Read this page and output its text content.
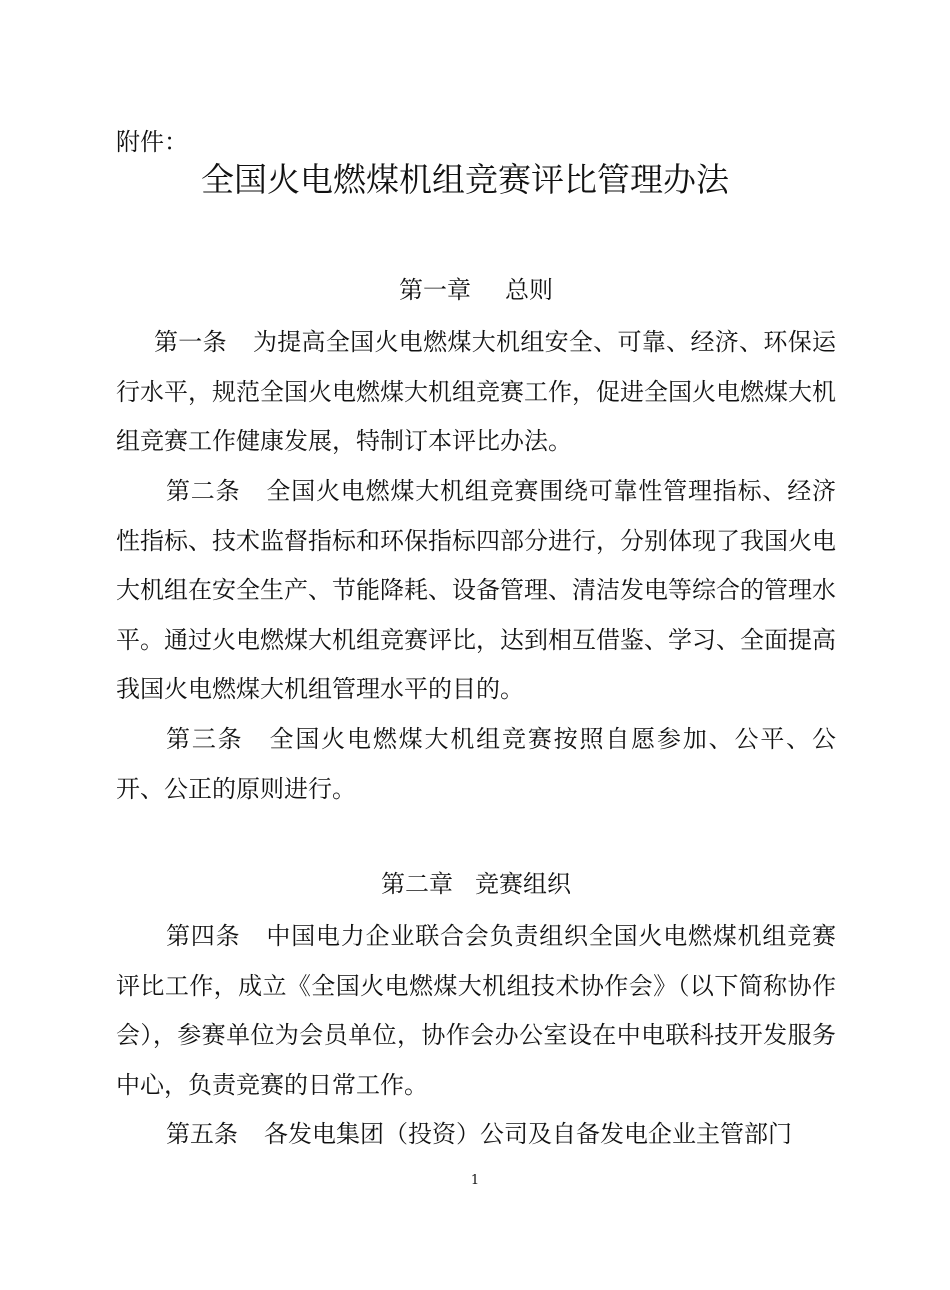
附件：

全国火电燃煤机组竞赛评比管理办法
第一章 总则

第一条 为提高全国火电燃煤大机组安全、可靠、经济、环保运行水平，规范全国火电燃煤大机组竞赛工作，促进全国火电燃煤大机组竞赛工作健康发展，特制订本评比办法。

第二条 全国火电燃煤大机组竞赛围绕可靠性管理指标、经济性指标、技术监督指标和环保指标四部分进行，分别体现了我国火电大机组在安全生产、节能降耗、设备管理、清洁发电等综合的管理水平。通过火电燃煤大机组竞赛评比，达到相互借鉴、学习、全面提高我国火电燃煤大机组管理水平的目的。

第三条 全国火电燃煤大机组竞赛按照自愿参加、公平、公开、公正的原则进行。

第二章 竞赛组织

第四条 中国电力企业联合会负责组织全国火电燃煤机组竞赛评比工作，成立《全国火电燃煤大机组技术协作会》（以下简称协作会），参赛单位为会员单位，协作会办公室设在中电联科技开发服务中心，负责竞赛的日常工作。

第五条 各发电集团（投资）公司及自备发电企业主管部门

1
